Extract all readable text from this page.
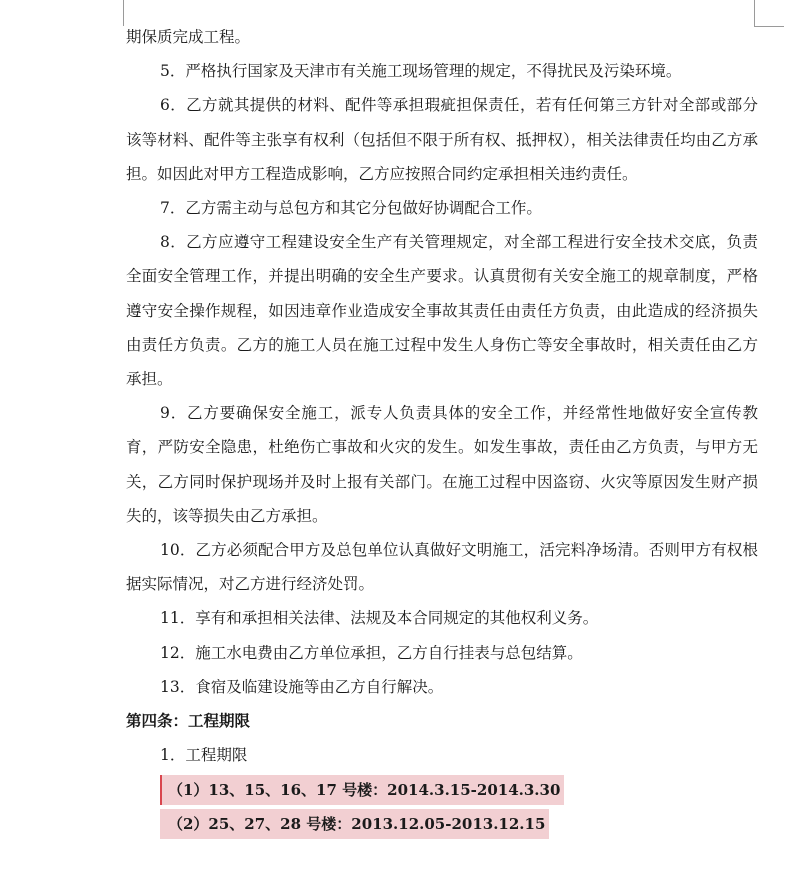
期保质完成工程。

5．严格执行国家及天津市有关施工现场管理的规定，不得扰民及污染环境。

6．乙方就其提供的材料、配件等承担瑕疵担保责任，若有任何第三方针对全部或部分该等材料、配件等主张享有权利（包括但不限于所有权、抵押权），相关法律责任均由乙方承担。如因此对甲方工程造成影响，乙方应按照合同约定承担相关违约责任。

7．乙方需主动与总包方和其它分包做好协调配合工作。

8．乙方应遵守工程建设安全生产有关管理规定，对全部工程进行安全技术交底，负责全面安全管理工作，并提出明确的安全生产要求。认真贯彻有关安全施工的规章制度，严格遵守安全操作规程，如因违章作业造成安全事故其责任由责任方负责，由此造成的经济损失由责任方负责。乙方的施工人员在施工过程中发生人身伤亡等安全事故时，相关责任由乙方承担。

9．乙方要确保安全施工，派专人负责具体的安全工作，并经常性地做好安全宣传教育，严防安全隐患，杜绝伤亡事故和火灾的发生。如发生事故，责任由乙方负责，与甲方无关，乙方同时保护现场并及时上报有关部门。在施工过程中因盗窃、火灾等原因发生财产损失的，该等损失由乙方承担。

10．乙方必须配合甲方及总包单位认真做好文明施工，活完料净场清。否则甲方有权根据实际情况，对乙方进行经济处罚。

11．享有和承担相关法律、法规及本合同规定的其他权利义务。

12．施工水电费由乙方单位承担，乙方自行挂表与总包结算。

13．食宿及临建设施等由乙方自行解决。

第四条：工程期限

1．工程期限

（1）13、15、16、17 号楼：2014.3.15-2014.3.30
（2）25、27、28 号楼：2013.12.05-2013.12.15
